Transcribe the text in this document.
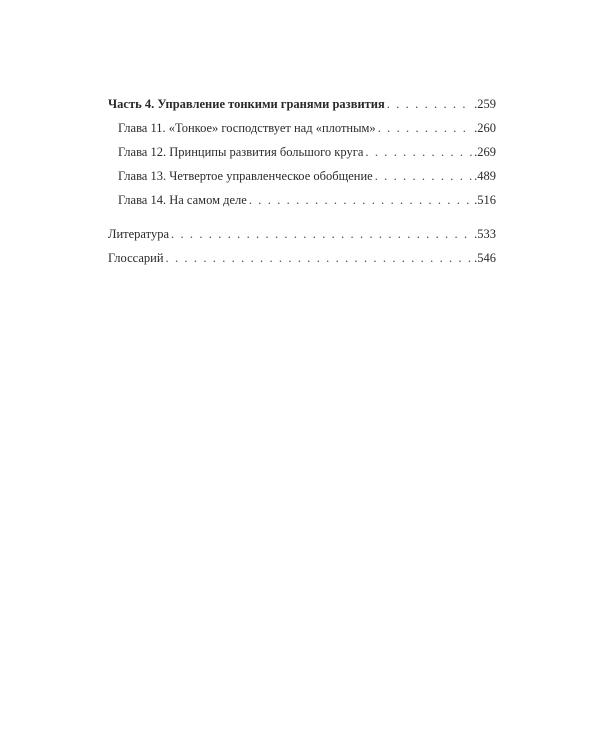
Часть 4. Управление тонкими гранями развития . . .	.259
Глава 11. «Тонкое» господствует над «плотным» . . .	.260
Глава 12. Принципы развития большого круга . . .	.269
Глава 13. Четвертое управленческое обобщение . . .	.489
Глава 14. На самом деле . . .	.516
Литература . . .	.533
Глоссарий . . .	.546
